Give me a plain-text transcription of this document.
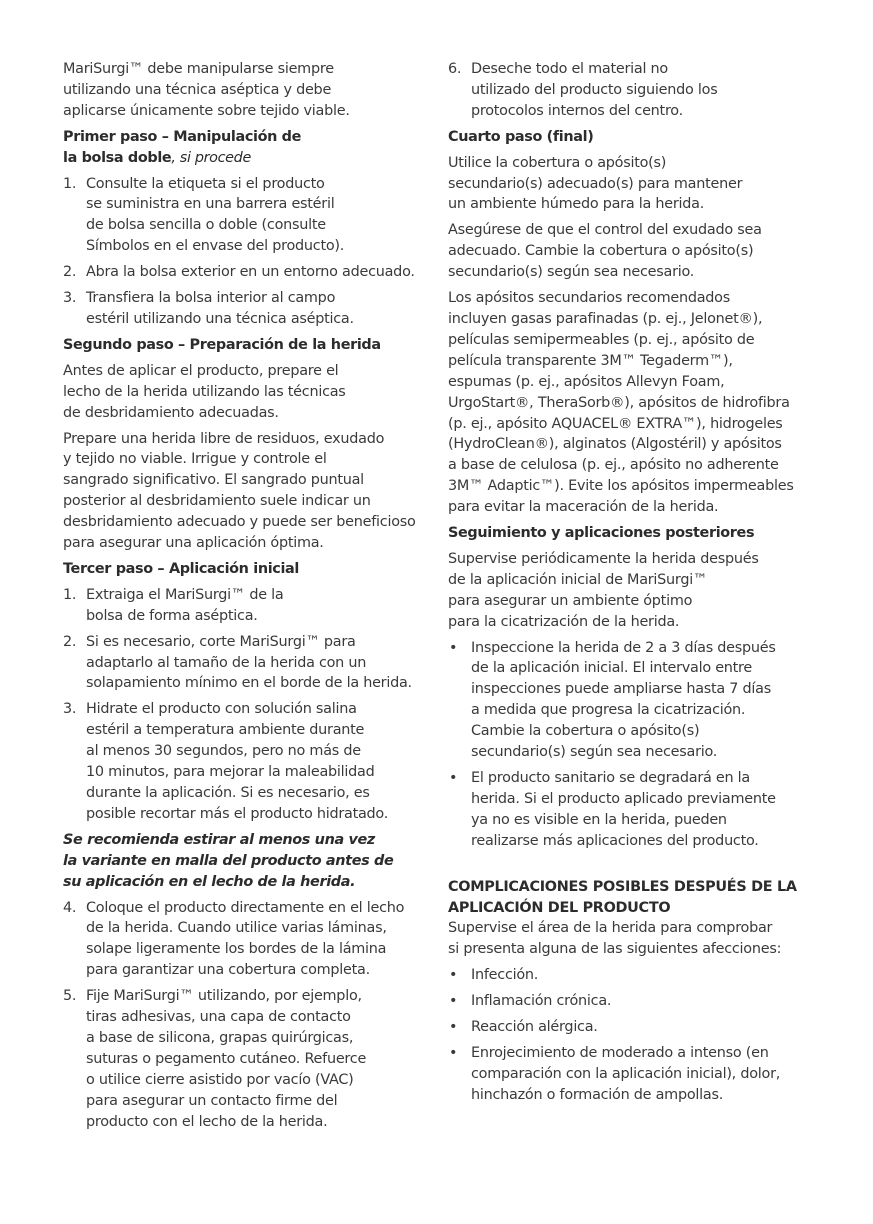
MariSurgi™ debe manipularse siempre
utilizando una técnica aséptica y debe
aplicarse únicamente sobre tejido viable.

Primer paso – Manipulación de
la bolsa doble, si procede
1. Consulte la etiqueta si el producto
se suministra en una barrera estéril
de bolsa sencilla o doble (consulte
Símbolos en el envase del producto).
2. Abra la bolsa exterior en un entorno adecuado.
3. Transfiera la bolsa interior al campo
estéril utilizando una técnica aséptica.
Segundo paso – Preparación de la herida

Antes de aplicar el producto, prepare el
lecho de la herida utilizando las técnicas
de desbridamiento adecuadas.

Prepare una herida libre de residuos, exudado
y tejido no viable. Irrigue y controle el
sangrado significativo. El sangrado puntual
posterior al desbridamiento suele indicar un
desbridamiento adecuado y puede ser beneficioso
para asegurar una aplicación óptima.

Tercer paso – Aplicación inicial
1. Extraiga el MariSurgi™ de la
bolsa de forma aséptica.
2. Si es necesario, corte MariSurgi™ para
adaptarlo al tamaño de la herida con un
solapamiento mínimo en el borde de la herida.
3. Hidrate el producto con solución salina
estéril a temperatura ambiente durante
al menos 30 segundos, pero no más de
10 minutos, para mejorar la maleabilidad
durante la aplicación. Si es necesario, es
posible recortar más el producto hidratado.
Se recomienda estirar al menos una vez
la variante en malla del producto antes de
su aplicación en el lecho de la herida.
4. Coloque el producto directamente en el lecho
de la herida. Cuando utilice varias láminas,
solape ligeramente los bordes de la lámina
para garantizar una cobertura completa.
5. Fije MariSurgi™ utilizando, por ejemplo,
tiras adhesivas, una capa de contacto
a base de silicona, grapas quirúrgicas,
suturas o pegamento cutáneo. Refuerce
o utilice cierre asistido por vacío (VAC)
para asegurar un contacto firme del
producto con el lecho de la herida.
6. Deseche todo el material no
utilizado del producto siguiendo los
protocolos internos del centro.
Cuarto paso (final)

Utilice la cobertura o apósito(s)
secundario(s) adecuado(s) para mantener
un ambiente húmedo para la herida.

Asegúrese de que el control del exudado sea
adecuado. Cambie la cobertura o apósito(s)
secundario(s) según sea necesario.

Los apósitos secundarios recomendados
incluyen gasas parafinadas (p. ej., Jelonet®),
películas semipermeables (p. ej., apósito de
película transparente 3M™ Tegaderm™),
espumas (p. ej., apósitos Allevyn Foam,
UrgoStart®, TheraSorb®), apósitos de hidrofibra
(p. ej., apósito AQUACEL® EXTRA™), hidrogeles
(HydroClean®), alginatos (Algostéril) y apósitos
a base de celulosa (p. ej., apósito no adherente
3M™ Adaptic™). Evite los apósitos impermeables
para evitar la maceración de la herida.

Seguimiento y aplicaciones posteriores

Supervise periódicamente la herida después
de la aplicación inicial de MariSurgi™
para asegurar un ambiente óptimo
para la cicatrización de la herida.

• Inspeccione la herida de 2 a 3 días después
de la aplicación inicial. El intervalo entre
inspecciones puede ampliarse hasta 7 días
a medida que progresa la cicatrización.
Cambie la cobertura o apósito(s)
secundario(s) según sea necesario.
• El producto sanitario se degradará en la
herida. Si el producto aplicado previamente
ya no es visible en la herida, pueden
realizarse más aplicaciones del producto.
COMPLICACIONES POSIBLES DESPUÉS DE LA
APLICACIÓN DEL PRODUCTO

Supervise el área de la herida para comprobar
si presenta alguna de las siguientes afecciones:

• Infección.
• Inflamación crónica.
• Reacción alérgica.
• Enrojecimiento de moderado a intenso (en
comparación con la aplicación inicial), dolor,
hinchazón o formación de ampollas.
